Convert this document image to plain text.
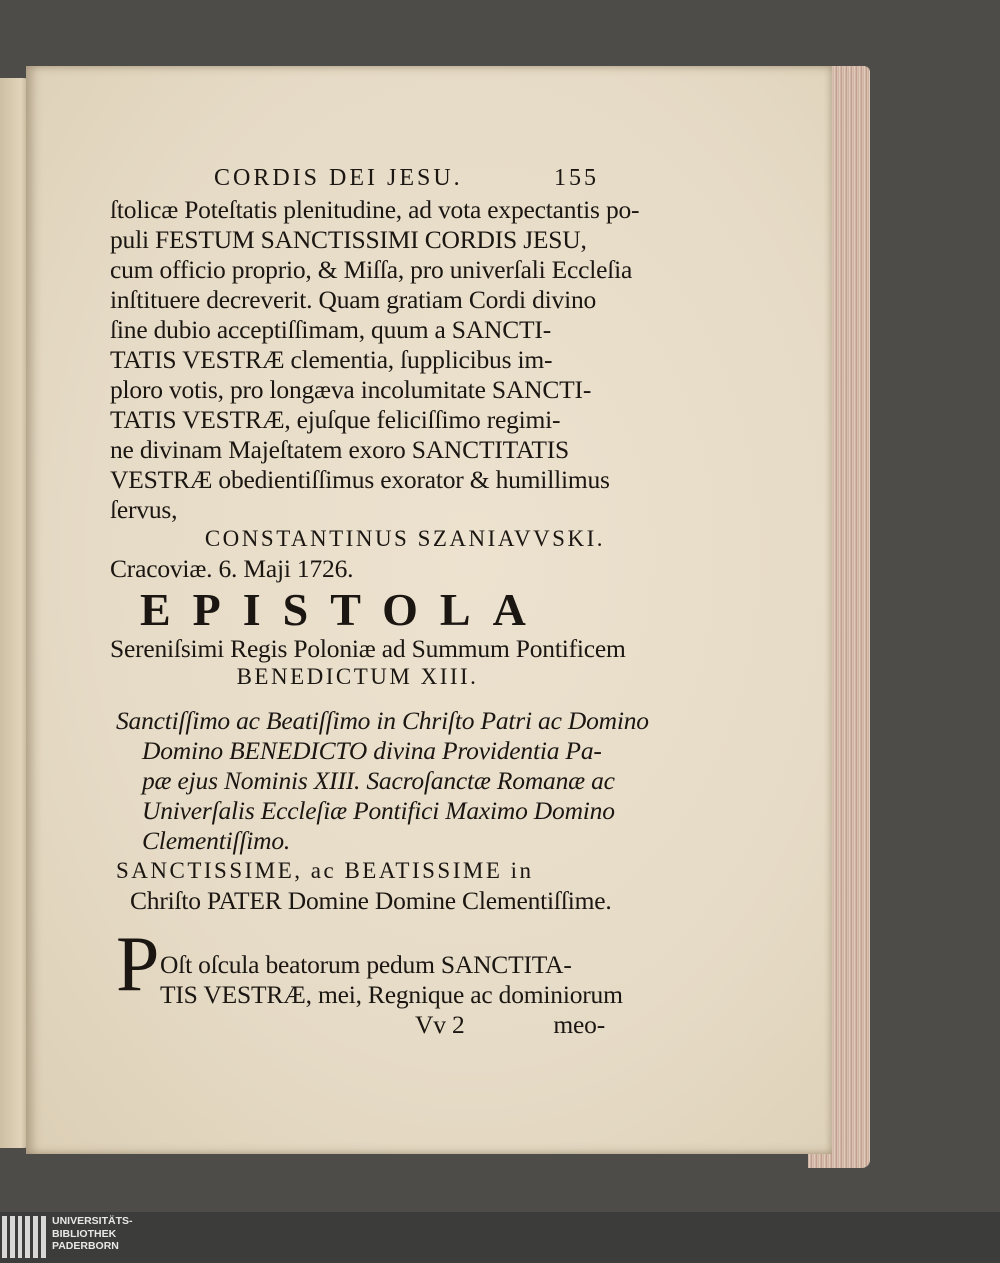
CORDIS DEI JESU.	155
ſtolicæ Poteſtatis plenitudine, ad vota expectantis po-
puli FESTUM SANCTISSIMI CORDIS JESU,
cum officio proprio, & Miſſa, pro univerſali Eccleſia
inſtituere decreverit. Quam gratiam Cordi divino
ſine dubio acceptiſſimam, quum a SANCTI-
TATIS VESTRÆ clementia, ſupplicibus im-
ploro votis, pro longæva incolumitate SANCTI-
TATIS VESTRÆ, ejuſque feliciſſimo regimi-
ne divinam Majeſtatem exoro SANCTITATIS
VESTRÆ obedientiſſimus exorator & humillimus
ſervus,
CONSTANTINUS SZANIAVVSKI.
Cracoviæ. 6. Maji 1726.
EPISTOLA
Sereniſsimi Regis Poloniæ ad Summum Pontificem
BENEDICTUM XIII.
Sanctiſſimo ac Beatiſſimo in Chriſto Patri ac Domino
Domino BENEDICTO divina Providentia Pa-
pæ ejus Nominis XIII. Sacroſanctæ Romanæ ac
Univerſalis Eccleſiæ Pontifici Maximo Domino
Clementiſſimo.
SANCTISSIME, ac BEATISSIME in
Chriſto PATER Domine Domine Clementiſſime.
P Oſt oſcula beatorum pedum SANCTITA-
TIS VESTRÆ, mei, Regnique ac dominiorum
Vv 2	meo-
UNIVERSITÄTS-
BIBLIOTHEK
PADERBORN
